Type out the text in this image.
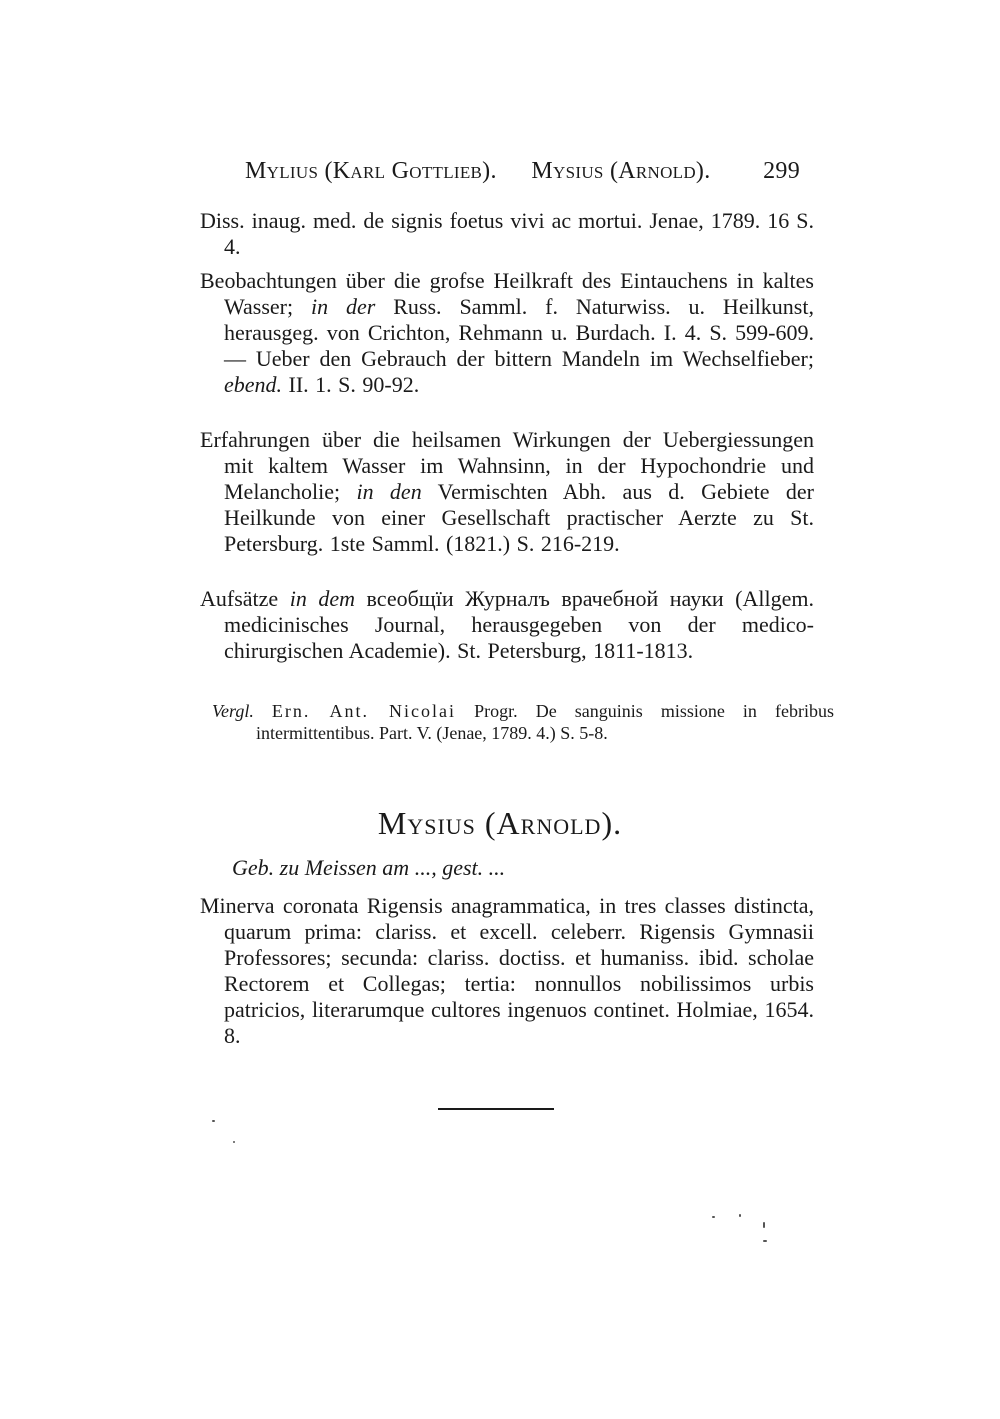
Mylius (Karl Gottlieb). Mysius (Arnold). 299
Diss. inaug. med. de signis foetus vivi ac mortui. Jenae, 1789. 16 S. 4.
Beobachtungen über die grofse Heilkraft des Eintauchens in kaltes Wasser; in der Russ. Samml. f. Naturwiss. u. Heilkunst, herausgeg. von Crichton, Rehmann u. Burdach. I. 4. S. 599-609. — Ueber den Gebrauch der bittern Mandeln im Wechselfieber; ebend. II. 1. S. 90-92.
Erfahrungen über die heilsamen Wirkungen der Uebergiessungen mit kaltem Wasser im Wahnsinn, in der Hypochondrie und Melancholie; in den Vermischten Abh. aus d. Gebiete der Heilkunde von einer Gesellschaft practischer Aerzte zu St. Petersburg. 1ste Samml. (1821.) S. 216-219.
Aufsätze in dem всеобщїи Журналъ врачебной науки (Allgem. medicinisches Journal, herausgegeben von der medico-chirurgischen Academie). St. Petersburg, 1811-1813.
Vergl. Ern. Ant. Nicolai Progr. De sanguinis missione in febribus intermittentibus. Part. V. (Jenae, 1789. 4.) S. 5-8.
Mysius (Arnold).
Geb. zu Meissen am ..., gest. ...
Minerva coronata Rigensis anagrammatica, in tres classes distincta, quarum prima: clariss. et excell. celeberr. Rigensis Gymnasii Professores; secunda: clariss. doctiss. et humaniss. ibid. scholae Rectorem et Collegas; tertia: nonnullos nobilissimos urbis patricios, literarumque cultores ingenuos continet. Holmiae, 1654. 8.
